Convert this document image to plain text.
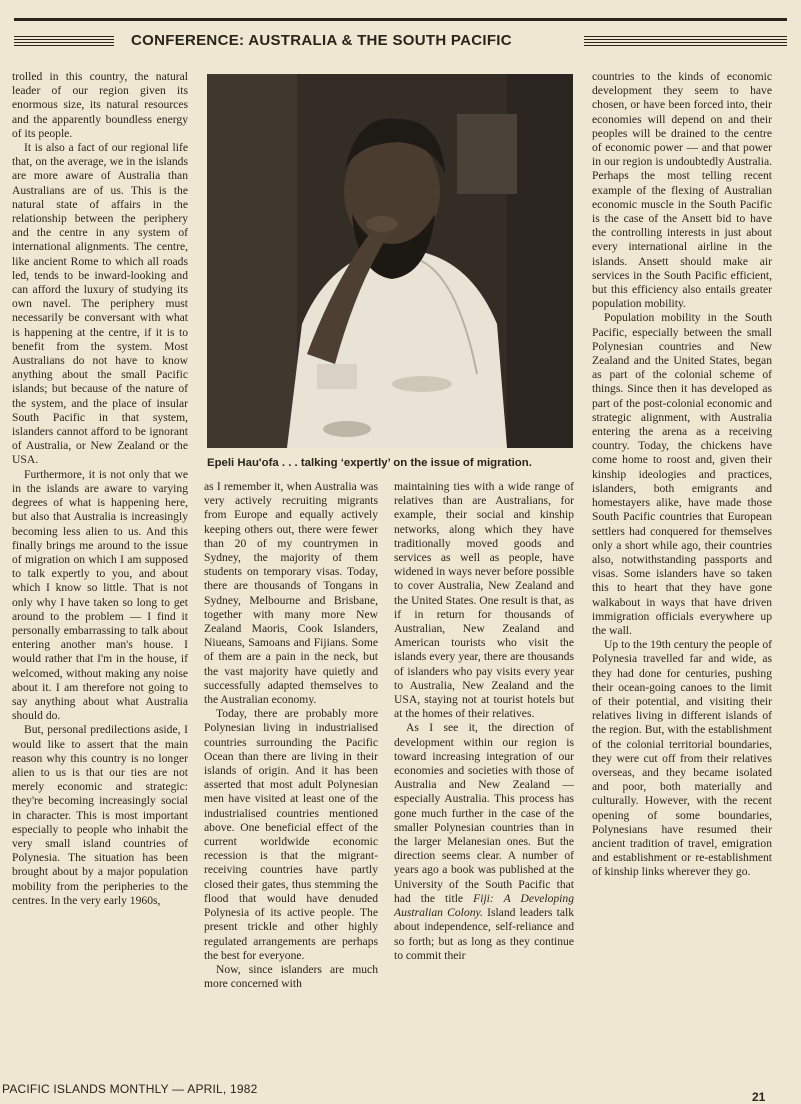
CONFERENCE: AUSTRALIA & THE SOUTH PACIFIC

trolled in this country, the natural leader of our region given its enormous size, its natural resources and the apparently boundless energy of its people.

It is also a fact of our regional life that, on the average, we in the islands are more aware of Australia than Australians are of us. This is the natural state of affairs in the relationship between the periphery and the centre in any system of international alignments. The centre, like ancient Rome to which all roads led, tends to be inward-looking and can afford the luxury of studying its own navel. The periphery must necessarily be conversant with what is happening at the centre, if it is to benefit from the system. Most Australians do not have to know anything about the small Pacific islands; but because of the nature of the system, and the place of insular South Pacific in that system, islanders cannot afford to be ignorant of Australia, or New Zealand or the USA.

Furthermore, it is not only that we in the islands are aware to varying degrees of what is happening here, but also that Australia is increasingly becoming less alien to us. And this finally brings me around to the issue of migration on which I am supposed to talk expertly to you, and about which I know so little. That is not only why I have taken so long to get around to the problem — I find it personally embarrassing to talk about entering another man's house. I would rather that I'm in the house, if welcomed, without making any noise about it. I am therefore not going to say anything about what Australia should do.

But, personal predilections aside, I would like to assert that the main reason why this country is no longer alien to us is that our ties are not merely economic and strategic: they're becoming increasingly social in character. This is most important especially to people who inhabit the very small island countries of Polynesia. The situation has been brought about by a major population mobility from the peripheries to the centres. In the very early 1960s,

Epeli Hau'ofa . . . talking ‘expertly’ on the issue of migration.

as I remember it, when Australia was very actively recruiting migrants from Europe and equally actively keeping others out, there were fewer than 20 of my countrymen in Sydney, the majority of them students on temporary visas. Today, there are thousands of Tongans in Sydney, Melbourne and Brisbane, together with many more New Zealand Maoris, Cook Islanders, Niueans, Samoans and Fijians. Some of them are a pain in the neck, but the vast majority have quietly and successfully adapted themselves to the Australian economy.

Today, there are probably more Polynesian living in industrialised countries surrounding the Pacific Ocean than there are living in their islands of origin. And it has been asserted that most adult Polynesian men have visited at least one of the industrialised countries mentioned above. One beneficial effect of the current worldwide economic recession is that the migrant-receiving countries have partly closed their gates, thus stemming the flood that would have denuded Polynesia of its active people. The present trickle and other highly regulated arrangements are perhaps the best for everyone.

Now, since islanders are much more concerned with

maintaining ties with a wide range of relatives than are Australians, for example, their social and kinship networks, along which they have traditionally moved goods and services as well as people, have widened in ways never before possible to cover Australia, New Zealand and the United States. One result is that, as if in return for thousands of Australian, New Zealand and American tourists who visit the islands every year, there are thousands of islanders who pay visits every year to Australia, New Zealand and the USA, staying not at tourist hotels but at the homes of their relatives.

As I see it, the direction of development within our region is toward increasing integration of our economies and societies with those of Australia and New Zealand — especially Australia. This process has gone much further in the case of the smaller Polynesian countries than in the larger Melanesian ones. But the direction seems clear. A number of years ago a book was published at the University of the South Pacific that had the title Fiji: A Developing Australian Colony. Island leaders talk about independence, self-reliance and so forth; but as long as they continue to commit their

countries to the kinds of economic development they seem to have chosen, or have been forced into, their economies will depend on and their peoples will be drained to the centre of economic power — and that power in our region is undoubtedly Australia. Perhaps the most telling recent example of the flexing of Australian economic muscle in the South Pacific is the case of the Ansett bid to have the controlling interests in just about every international airline in the islands. Ansett should make air services in the South Pacific efficient, but this efficiency also entails greater population mobility.

Population mobility in the South Pacific, especially between the small Polynesian countries and New Zealand and the United States, began as part of the colonial scheme of things. Since then it has developed as part of the post-colonial economic and strategic alignment, with Australia entering the arena as a receiving country. Today, the chickens have come home to roost and, given their kinship ideologies and practices, islanders, both emigrants and homestayers alike, have made those South Pacific countries that European settlers had conquered for themselves only a short while ago, their countries also, notwithstanding passports and visas. Some islanders have so taken this to heart that they have gone walkabout in ways that have driven immigration officials everywhere up the wall.

Up to the 19th century the people of Polynesia travelled far and wide, as they had done for centuries, pushing their ocean-going canoes to the limit of their potential, and visiting their relatives living in different islands of the region. But, with the establishment of the colonial territorial boundaries, they were cut off from their relatives overseas, and they became isolated and poor, both materially and culturally. However, with the recent opening of some boundaries, Polynesians have resumed their ancient tradition of travel, emigration and establishment or re-establishment of kinship links wherever they go.

PACIFIC ISLANDS MONTHLY — APRIL, 1982
21
